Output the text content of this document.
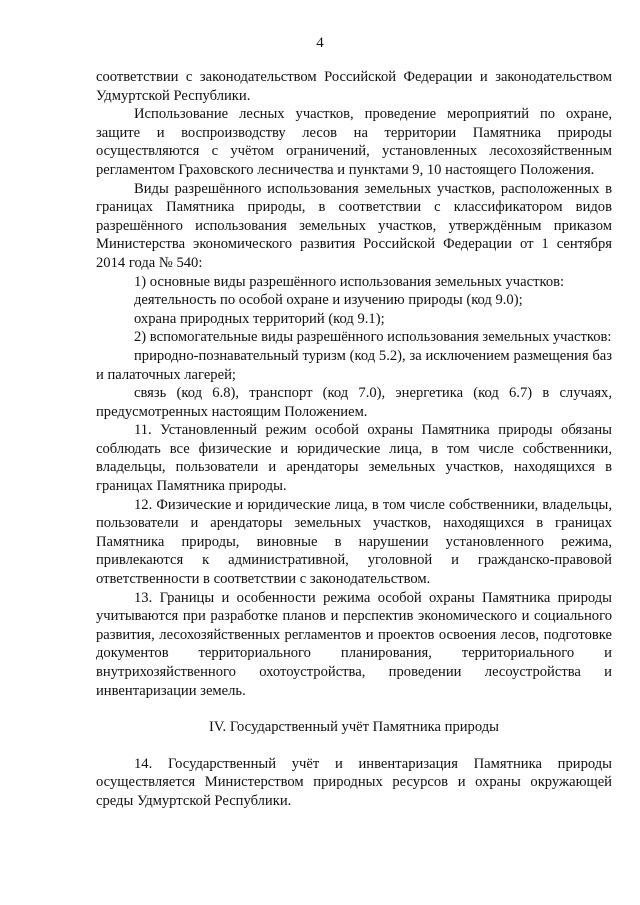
4

соответствии с законодательством Российской Федерации и законодательством Удмуртской Республики.

Использование лесных участков, проведение мероприятий по охране, защите и воспроизводству лесов на территории Памятника природы осуществляются с учётом ограничений, установленных лесохозяйственным регламентом Граховского лесничества и пунктами 9, 10 настоящего Положения.

Виды разрешённого использования земельных участков, расположенных в границах Памятника природы, в соответствии с классификатором видов разрешённого использования земельных участков, утверждённым приказом Министерства экономического развития Российской Федерации от 1 сентября 2014 года № 540:

1) основные виды разрешённого использования земельных участков:

деятельность по особой охране и изучению природы (код 9.0);

охрана природных территорий (код 9.1);

2) вспомогательные виды разрешённого использования земельных участков:

природно-познавательный туризм (код 5.2), за исключением размещения баз и палаточных лагерей;

связь (код 6.8), транспорт (код 7.0), энергетика (код 6.7) в случаях, предусмотренных настоящим Положением.

11. Установленный режим особой охраны Памятника природы обязаны соблюдать все физические и юридические лица, в том числе собственники, владельцы, пользователи и арендаторы земельных участков, находящихся в границах Памятника природы.

12. Физические и юридические лица, в том числе собственники, владельцы, пользователи и арендаторы земельных участков, находящихся в границах Памятника природы, виновные в нарушении установленного режима, привлекаются к административной, уголовной и гражданско-правовой ответственности в соответствии с законодательством.

13. Границы и особенности режима особой охраны Памятника природы учитываются при разработке планов и перспектив экономического и социального развития, лесохозяйственных регламентов и проектов освоения лесов, подготовке документов территориального планирования, территориального и внутрихозяйственного охотоустройства, проведении лесоустройства и инвентаризации земель.

IV. Государственный учёт Памятника природы

14. Государственный учёт и инвентаризация Памятника природы осуществляется Министерством природных ресурсов и охраны окружающей среды Удмуртской Республики.
